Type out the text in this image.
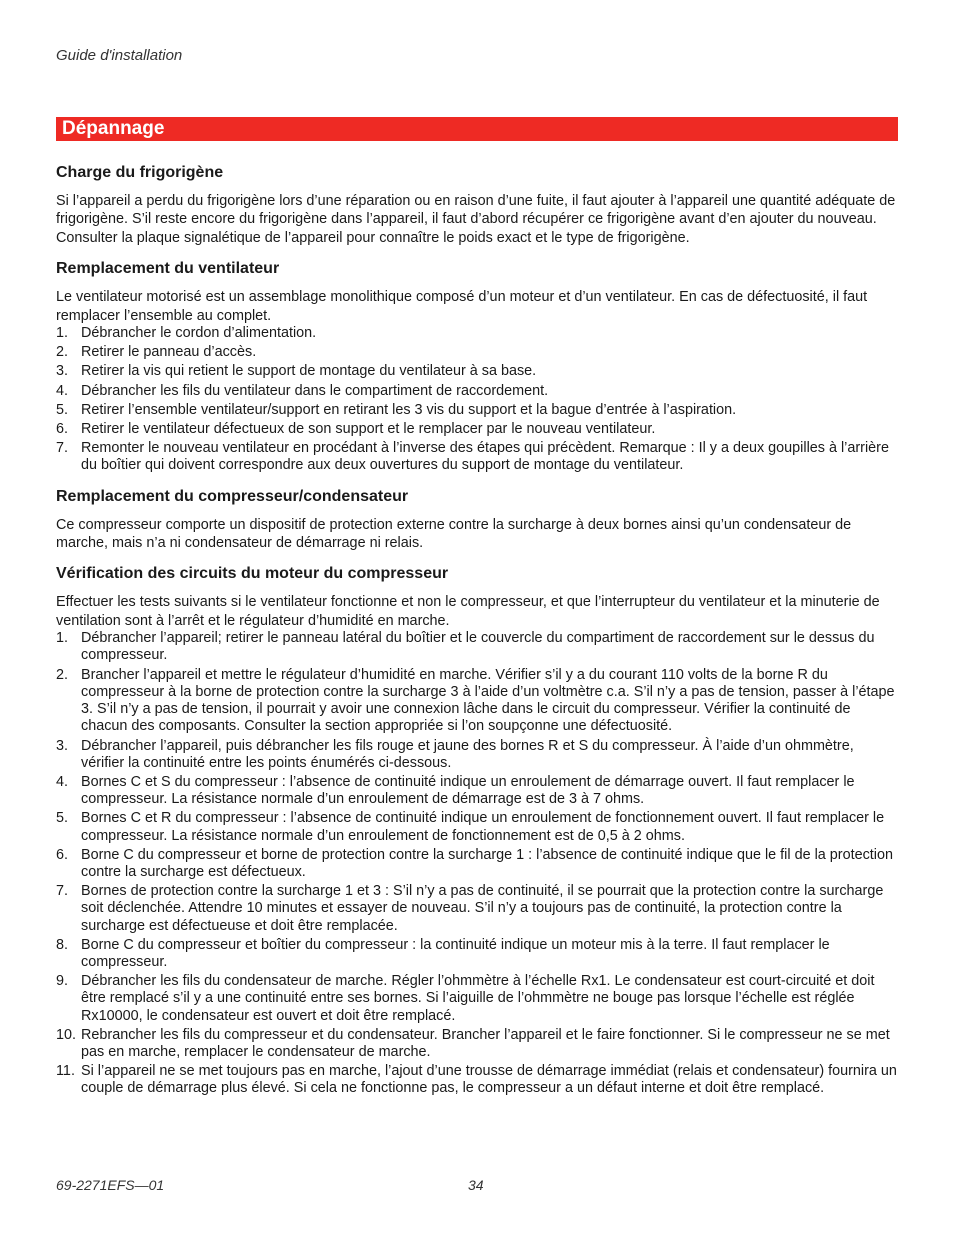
Guide d'installation
Dépannage
Charge du frigorigène

Si l’appareil a perdu du frigorigène lors d’une réparation ou en raison d’une fuite, il faut ajouter à l’appareil une quantité adéquate de frigorigène. S’il reste encore du frigorigène dans l’appareil, il faut d’abord récupérer ce frigorigène avant d’en ajouter du nouveau. Consulter la plaque signalétique de l’appareil pour connaître le poids exact et le type de frigorigène.

Remplacement du ventilateur

Le ventilateur motorisé est un assemblage monolithique composé d’un moteur et d’un ventilateur. En cas de défectuosité, il faut remplacer l’ensemble au complet.

1. Débrancher le cordon d’alimentation.
2. Retirer le panneau d’accès.
3. Retirer la vis qui retient le support de montage du ventilateur à sa base.
4. Débrancher les fils du ventilateur dans le compartiment de raccordement.
5. Retirer l’ensemble ventilateur/support en retirant les 3 vis du support et la bague d’entrée à l’aspiration.
6. Retirer le ventilateur défectueux de son support et le remplacer par le nouveau ventilateur.
7. Remonter le nouveau ventilateur en procédant à l’inverse des étapes qui précèdent. Remarque : Il y a deux goupilles à l’arrière du boîtier qui doivent correspondre aux deux ouvertures du support de montage du ventilateur.
Remplacement du compresseur/condensateur

Ce compresseur comporte un dispositif de protection externe contre la surcharge à deux bornes ainsi qu’un condensateur de marche, mais n’a ni condensateur de démarrage ni relais.

Vérification des circuits du moteur du compresseur

Effectuer les tests suivants si le ventilateur fonctionne et non le compresseur, et que l’interrupteur du ventilateur et la minuterie de ventilation sont à l’arrêt et le régulateur d’humidité en marche.

1. Débrancher l’appareil; retirer le panneau latéral du boîtier et le couvercle du compartiment de raccordement sur le dessus du compresseur.
2. Brancher l’appareil et mettre le régulateur d’humidité en marche. Vérifier s’il y a du courant 110 volts de la borne R du compresseur à la borne de protection contre la surcharge 3 à l’aide d’un voltmètre c.a. S’il n’y a pas de tension, passer à l’étape 3. S’il n’y a pas de tension, il pourrait y avoir une connexion lâche dans le circuit du compresseur. Vérifier la continuité de chacun des composants. Consulter la section appropriée si l’on soupçonne une défectuosité.
3. Débrancher l’appareil, puis débrancher les fils rouge et jaune des bornes R et S du compresseur. À l’aide d’un ohmmètre, vérifier la continuité entre les points énumérés ci-dessous.
4. Bornes C et S du compresseur : l’absence de continuité indique un enroulement de démarrage ouvert. Il faut remplacer le compresseur. La résistance normale d’un enroulement de démarrage est de 3 à 7 ohms.
5. Bornes C et R du compresseur : l’absence de continuité indique un enroulement de fonctionnement ouvert. Il faut remplacer le compresseur. La résistance normale d’un enroulement de fonctionnement est de 0,5 à 2 ohms.
6. Borne C du compresseur et borne de protection contre la surcharge 1 : l’absence de continuité indique que le fil de la protection contre la surcharge est défectueux.
7. Bornes de protection contre la surcharge 1 et 3 : S’il n’y a pas de continuité, il se pourrait que la protection contre la surcharge soit déclenchée. Attendre 10 minutes et essayer de nouveau. S’il n’y a toujours pas de continuité, la protection contre la surcharge est défectueuse et doit être remplacée.
8. Borne C du compresseur et boîtier du compresseur : la continuité indique un moteur mis à la terre. Il faut remplacer le compresseur.
9. Débrancher les fils du condensateur de marche. Régler l’ohmmètre à l’échelle Rx1. Le condensateur est court-circuité et doit être remplacé s’il y a une continuité entre ses bornes. Si l’aiguille de l’ohmmètre ne bouge pas lorsque l’échelle est réglée Rx10000, le condensateur est ouvert et doit être remplacé.
10. Rebrancher les fils du compresseur et du condensateur. Brancher l’appareil et le faire fonctionner. Si le compresseur ne se met pas en marche, remplacer le condensateur de marche.
11. Si l’appareil ne se met toujours pas en marche, l’ajout d’une trousse de démarrage immédiat (relais et condensateur) fournira un couple de démarrage plus élevé. Si cela ne fonctionne pas, le compresseur a un défaut interne et doit être remplacé.
69-2271EFS—01	34
